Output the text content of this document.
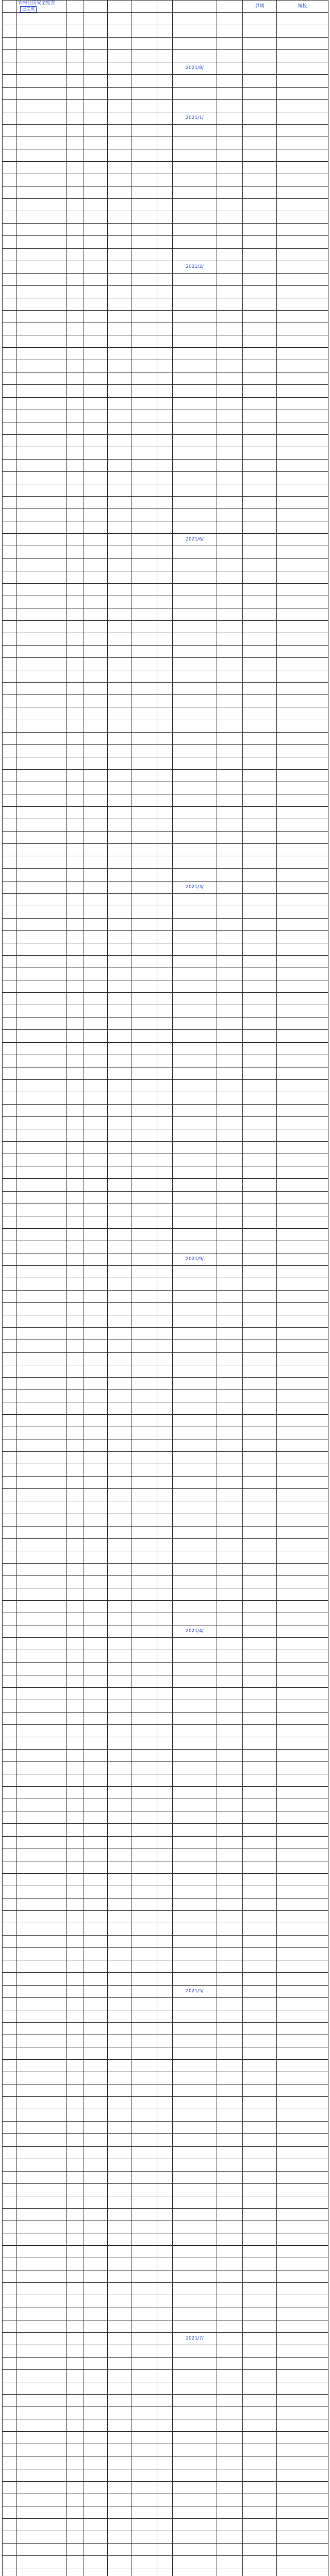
	农村住房安全检查已完成								县域	城投

							2021/8/			

							2021/1/			

							2021/2/			

							2021/6/			

							2021/3/			

							2021/9/			

							2021/4/			

							2021/5/			

							2021/7/			
